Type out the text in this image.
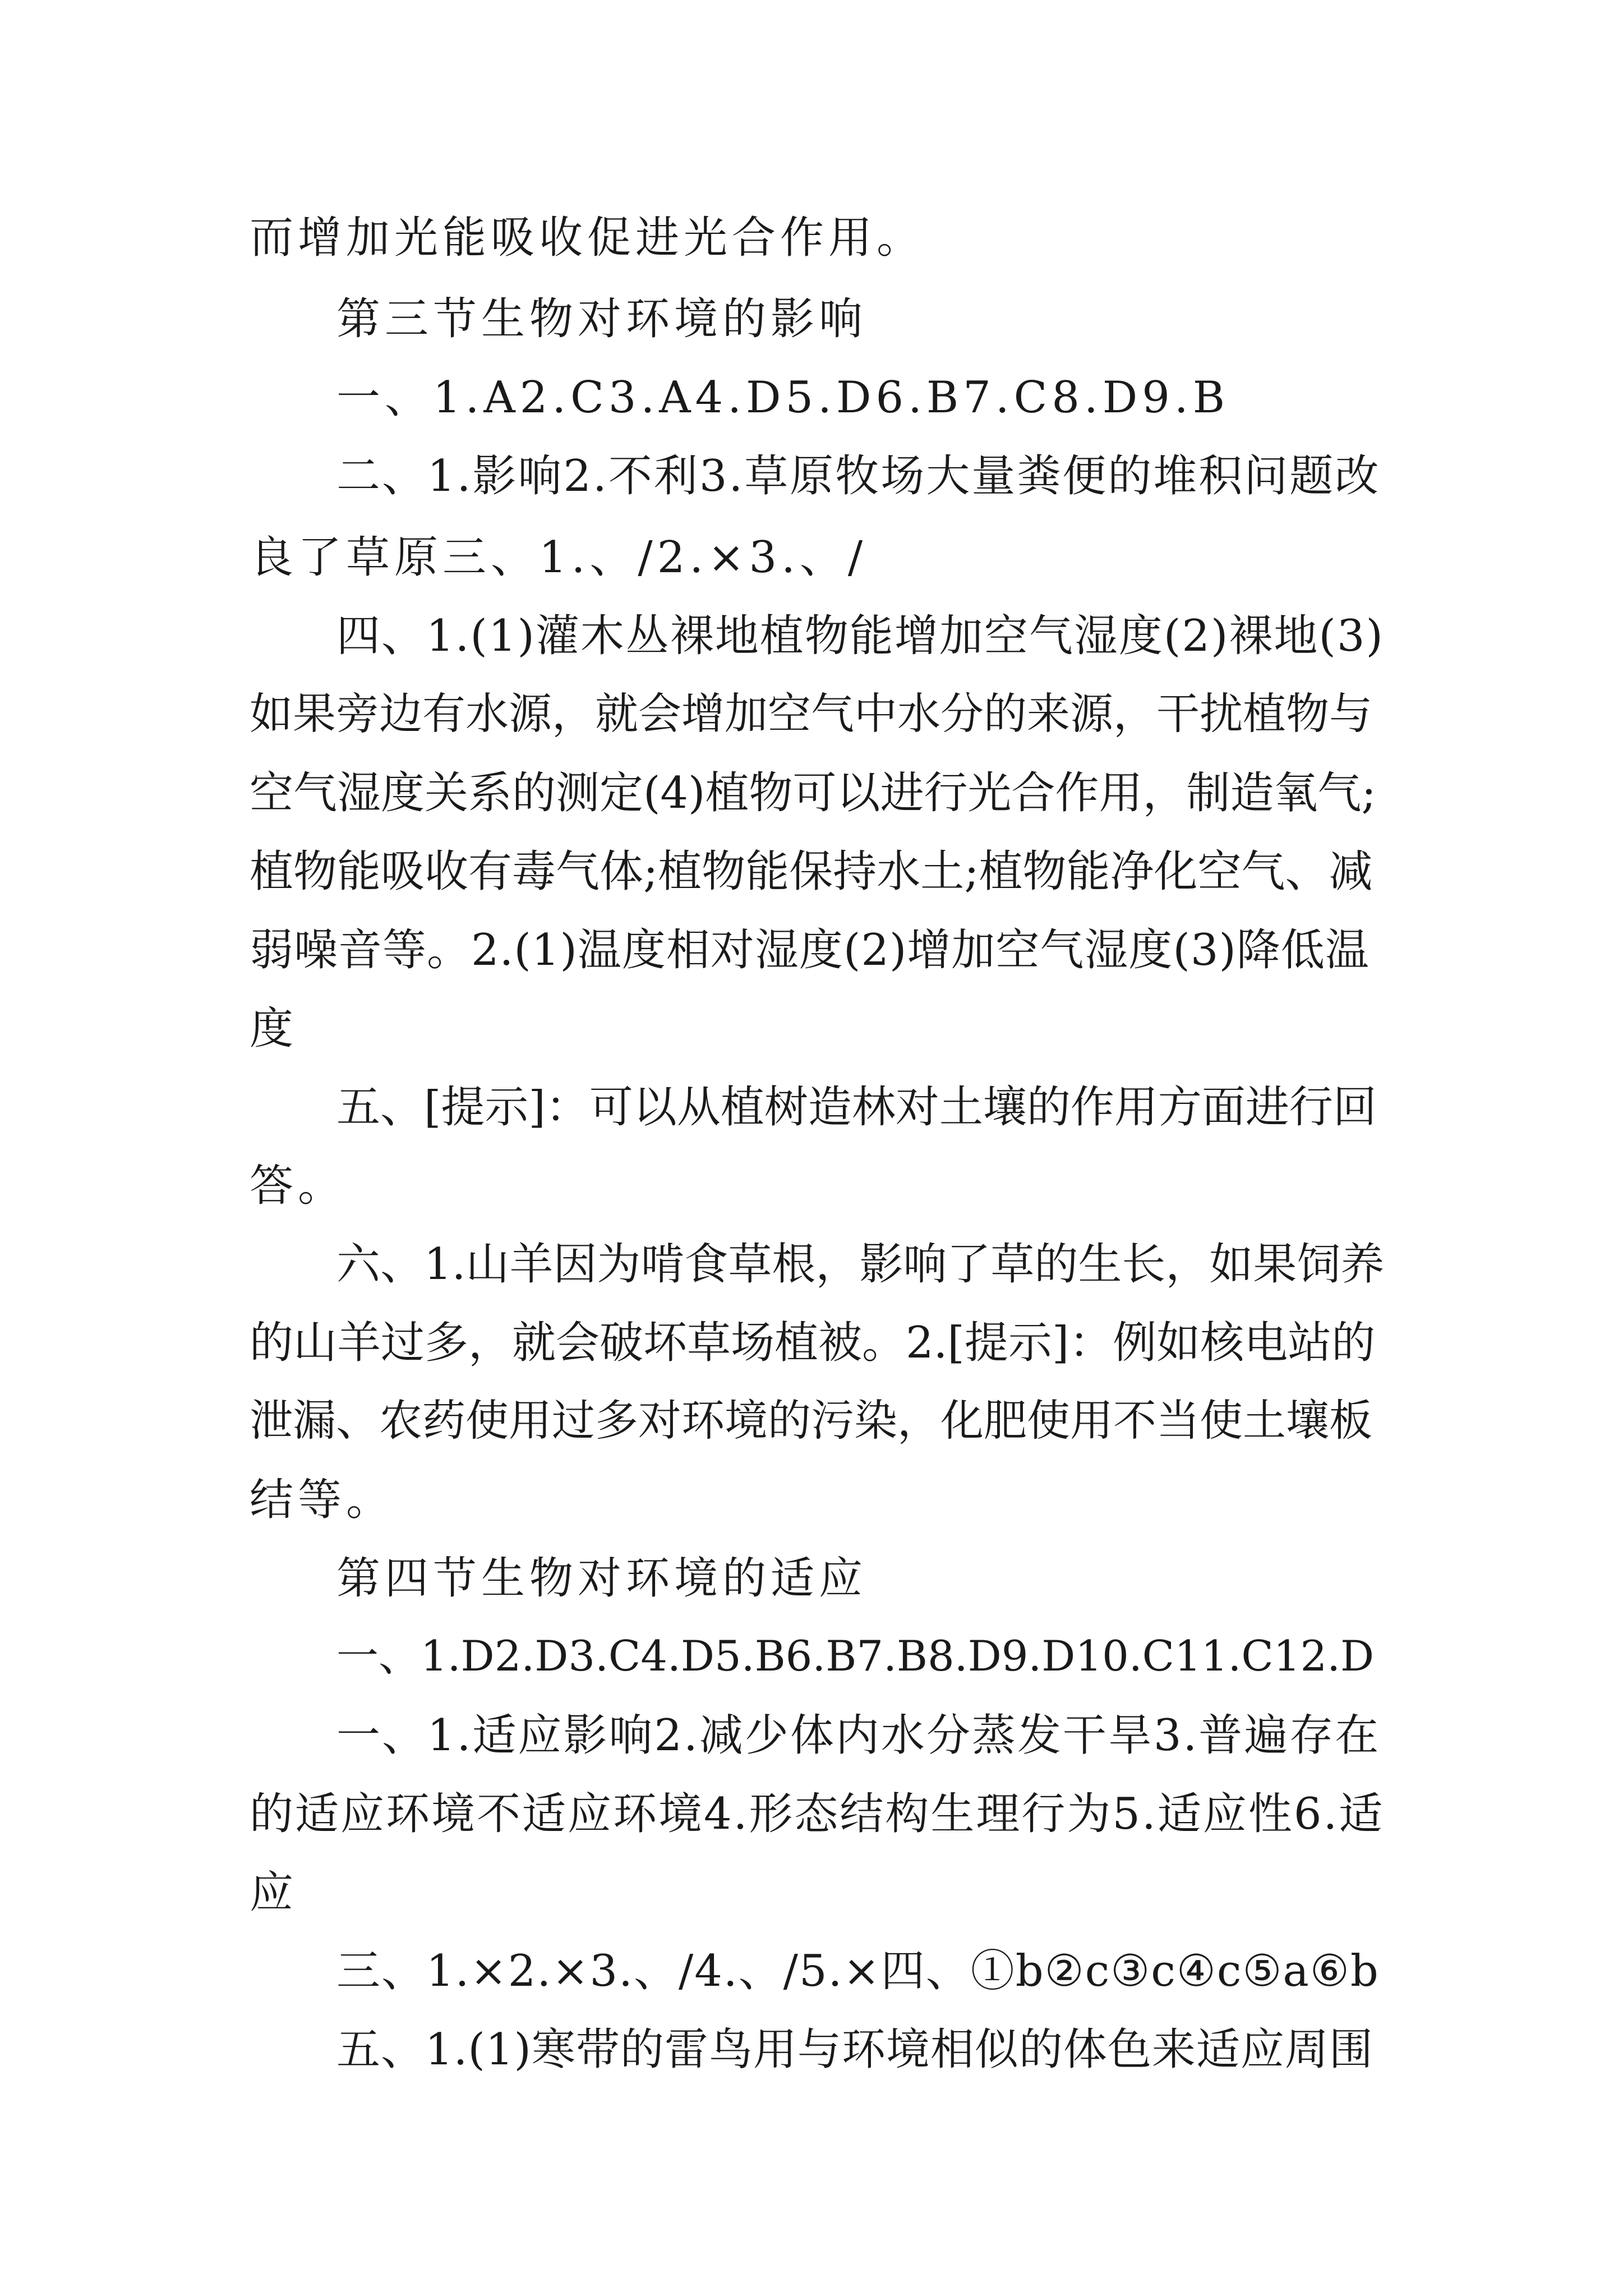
而增加光能吸收促进光合作用。
第三节生物对环境的影响
一、1.A2.C3.A4.D5.D6.B7.C8.D9.B
二、1.影响2.不利3.草原牧场大量粪便的堆积问题改
良了草原三、1.、/2.×3.、/
四、1.(1)灌木丛裸地植物能增加空气湿度(2)裸地(3)
如果旁边有水源，就会增加空气中水分的来源，干扰植物与
空气湿度关系的测定(4)植物可以进行光合作用，制造氧气;
植物能吸收有毒气体;植物能保持水土;植物能净化空气、减
弱噪音等。2.(1)温度相对湿度(2)增加空气湿度(3)降低温
度
五、[提示]：可以从植树造林对土壤的作用方面进行回
答。
六、1.山羊因为啃食草根，影响了草的生长，如果饲养
的山羊过多，就会破坏草场植被。2.[提示]：例如核电站的
泄漏、农药使用过多对环境的污染，化肥使用不当使土壤板
结等。
第四节生物对环境的适应
一、1.D2.D3.C4.D5.B6.B7.B8.D9.D10.C11.C12.D
一、1.适应影响2.减少体内水分蒸发干旱3.普遍存在
的适应环境不适应环境4.形态结构生理行为5.适应性6.适
应
三、1.×2.×3.、/4.、/5.×四、①b②c③c④c⑤a⑥b
五、1.(1)寒带的雷鸟用与环境相似的体色来适应周围
